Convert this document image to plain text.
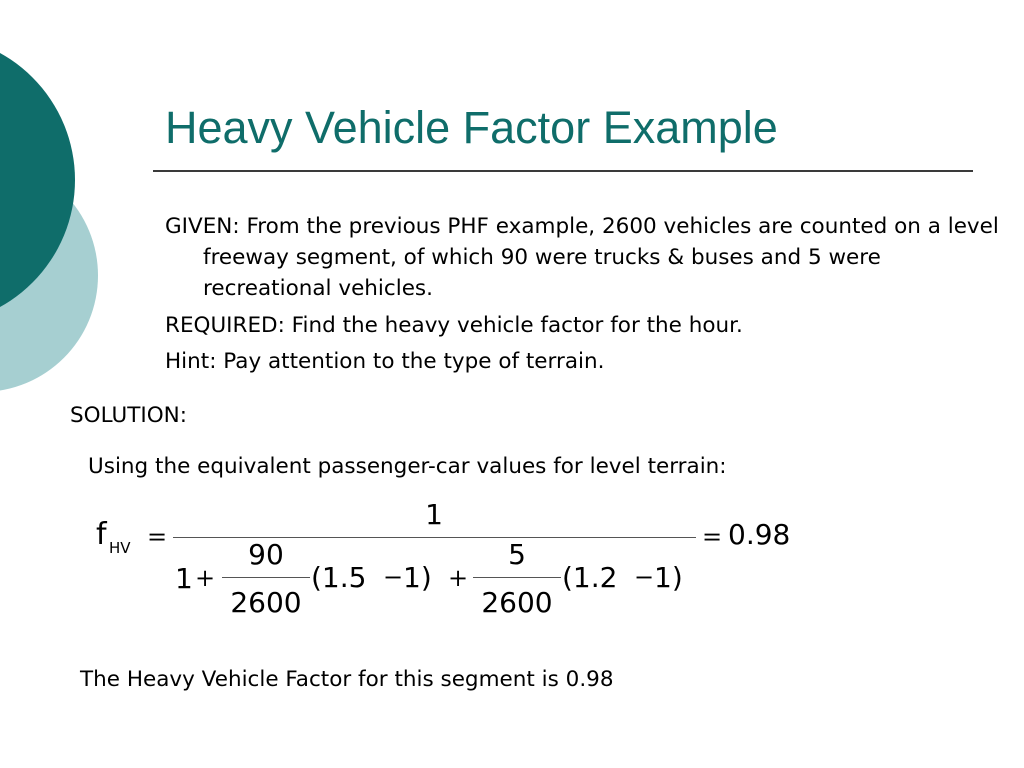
Heavy Vehicle Factor Example

GIVEN: From the previous PHF example, 2600 vehicles are counted on a level freeway segment, of which 90 were trucks & buses and 5 were recreational vehicles.

REQUIRED: Find the heavy vehicle factor for the hour.

Hint: Pay attention to the type of terrain.

SOLUTION:

Using the equivalent passenger-car values for level terrain:

f HV =
1
1 +
90
2600
(1.5 − 1) +
5
2600
(1.2 − 1)
= 0.98

The Heavy Vehicle Factor for this segment is 0.98
